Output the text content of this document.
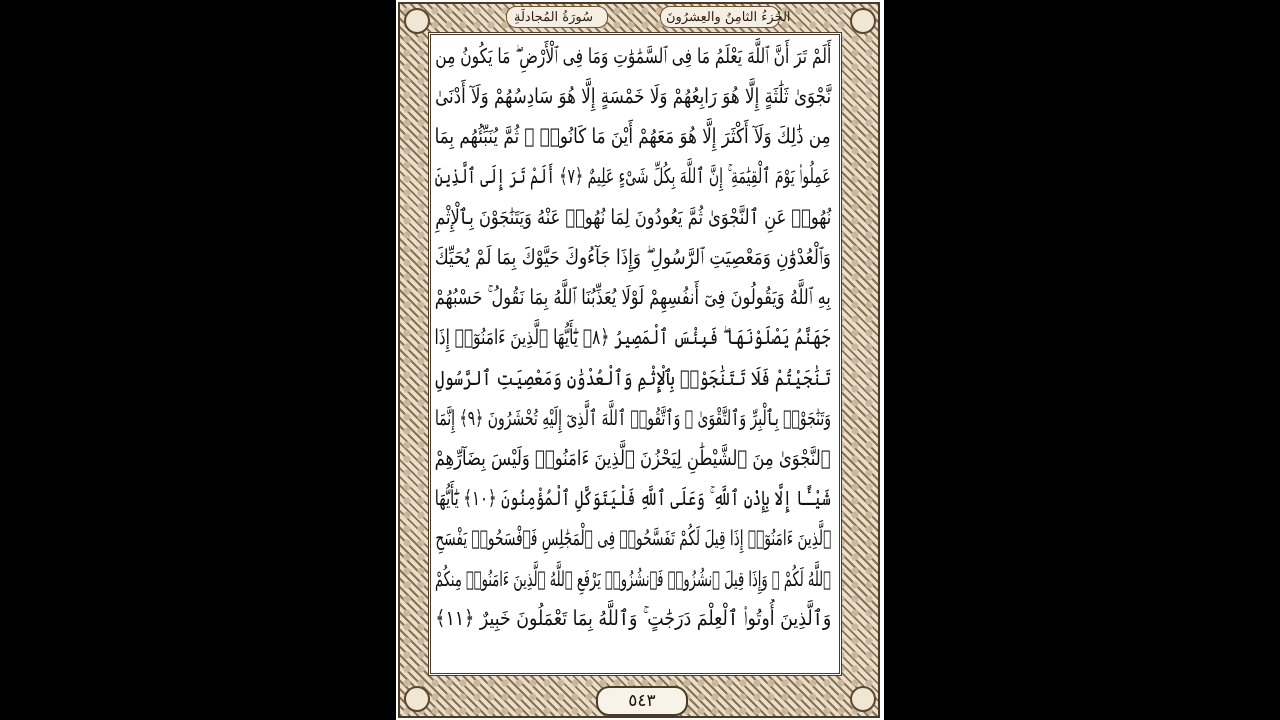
الجُزءُ الثامِنُ والعِشرُونَ
سُورَةُ المُجادلَةِ
أَلَمْ تَرَ أَنَّ ٱللَّهَ يَعْلَمُ مَا فِى ٱلسَّمَٰوَٰتِ وَمَا فِى ٱلْأَرْضِ ۖ مَا يَكُونُ مِن
نَّجْوَىٰ ثَلَٰثَةٍ إِلَّا هُوَ رَابِعُهُمْ وَلَا خَمْسَةٍ إِلَّا هُوَ سَادِسُهُمْ وَلَآ أَدْنَىٰ
مِن ذَٰلِكَ وَلَآ أَكْثَرَ إِلَّا هُوَ مَعَهُمْ أَيْنَ مَا كَانُوا۟ ۖ ثُمَّ يُنَبِّئُهُم بِمَا
عَمِلُوا۟ يَوْمَ ٱلْقِيَٰمَةِ ۚ إِنَّ ٱللَّهَ بِكُلِّ شَىْءٍ عَلِيمٌ ﴿٧﴾ أَلَمْ تَرَ إِلَى ٱلَّذِينَ
نُهُوا۟ عَنِ ٱلنَّجْوَىٰ ثُمَّ يَعُودُونَ لِمَا نُهُوا۟ عَنْهُ وَيَتَنَٰجَوْنَ بِٱلْإِثْمِ
وَٱلْعُدْوَٰنِ وَمَعْصِيَتِ ٱلرَّسُولِ ۖ وَإِذَا جَآءُوكَ حَيَّوْكَ بِمَا لَمْ يُحَيِّكَ
بِهِ ٱللَّهُ وَيَقُولُونَ فِىٓ أَنفُسِهِمْ لَوْلَا يُعَذِّبُنَا ٱللَّهُ بِمَا نَقُولُ ۚ حَسْبُهُمْ
جَهَنَّمُ يَصْلَوْنَهَا ۖ فَبِئْسَ ٱلْمَصِيرُ ﴿٨﴾ يَٰٓأَيُّهَا ٱلَّذِينَ ءَامَنُوٓا۟ إِذَا
تَنَٰجَيْتُمْ فَلَا تَتَنَٰجَوْا۟ بِٱلْإِثْمِ وَٱلْعُدْوَٰنِ وَمَعْصِيَتِ ٱلرَّسُولِ
وَتَنَٰجَوْا۟ بِٱلْبِرِّ وَٱلتَّقْوَىٰ ۖ وَٱتَّقُوا۟ ٱللَّهَ ٱلَّذِىٓ إِلَيْهِ تُحْشَرُونَ ﴿٩﴾ إِنَّمَا
ٱلنَّجْوَىٰ مِنَ ٱلشَّيْطَٰنِ لِيَحْزُنَ ٱلَّذِينَ ءَامَنُوا۟ وَلَيْسَ بِضَآرِّهِمْ
شَيْـًٔا إِلَّا بِإِذْنِ ٱللَّهِ ۚ وَعَلَى ٱللَّهِ فَلْيَتَوَكَّلِ ٱلْمُؤْمِنُونَ ﴿١٠﴾ يَٰٓأَيُّهَا
ٱلَّذِينَ ءَامَنُوٓا۟ إِذَا قِيلَ لَكُمْ تَفَسَّحُوا۟ فِى ٱلْمَجَٰلِسِ فَٱفْسَحُوا۟ يَفْسَحِ
ٱللَّهُ لَكُمْ ۖ وَإِذَا قِيلَ ٱنشُزُوا۟ فَٱنشُزُوا۟ يَرْفَعِ ٱللَّهُ ٱلَّذِينَ ءَامَنُوا۟ مِنكُمْ
وَٱلَّذِينَ أُوتُوا۟ ٱلْعِلْمَ دَرَجَٰتٍ ۚ وَٱللَّهُ بِمَا تَعْمَلُونَ خَبِيرٌ ﴿١١﴾
٥٤٣
